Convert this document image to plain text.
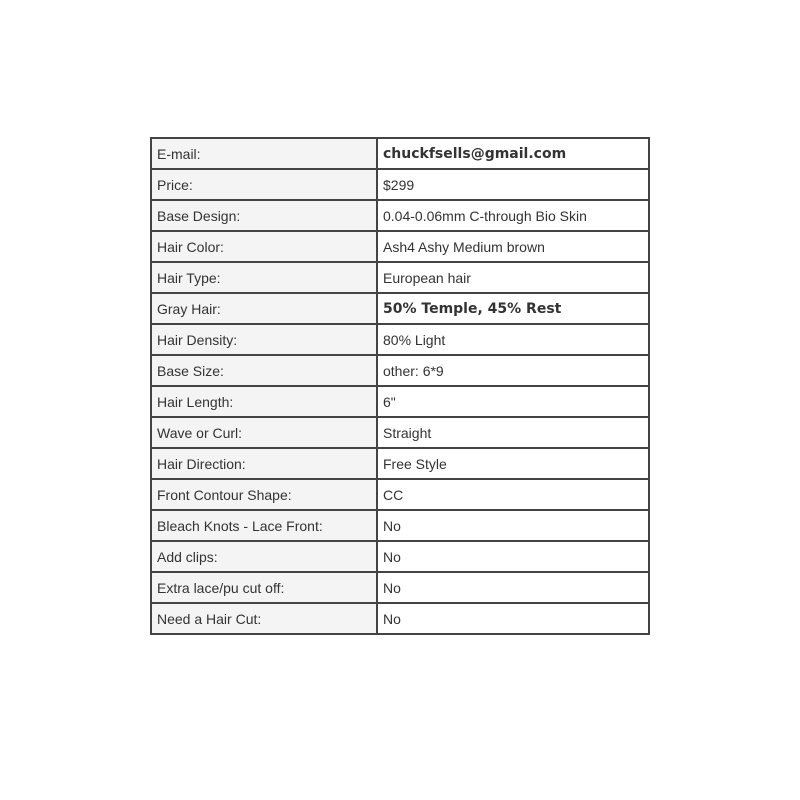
E-mail:	chuckfsells@gmail.com
Price:	$299
Base Design:	0.04-0.06mm C-through Bio Skin
Hair Color:	Ash4 Ashy Medium brown
Hair Type:	European hair
Gray Hair:	50% Temple, 45% Rest
Hair Density:	80% Light
Base Size:	other: 6*9
Hair Length:	6"
Wave or Curl:	Straight
Hair Direction:	Free Style
Front Contour Shape:	CC
Bleach Knots - Lace Front:	No
Add clips:	No
Extra lace/pu cut off:	No
Need a Hair Cut:	No
